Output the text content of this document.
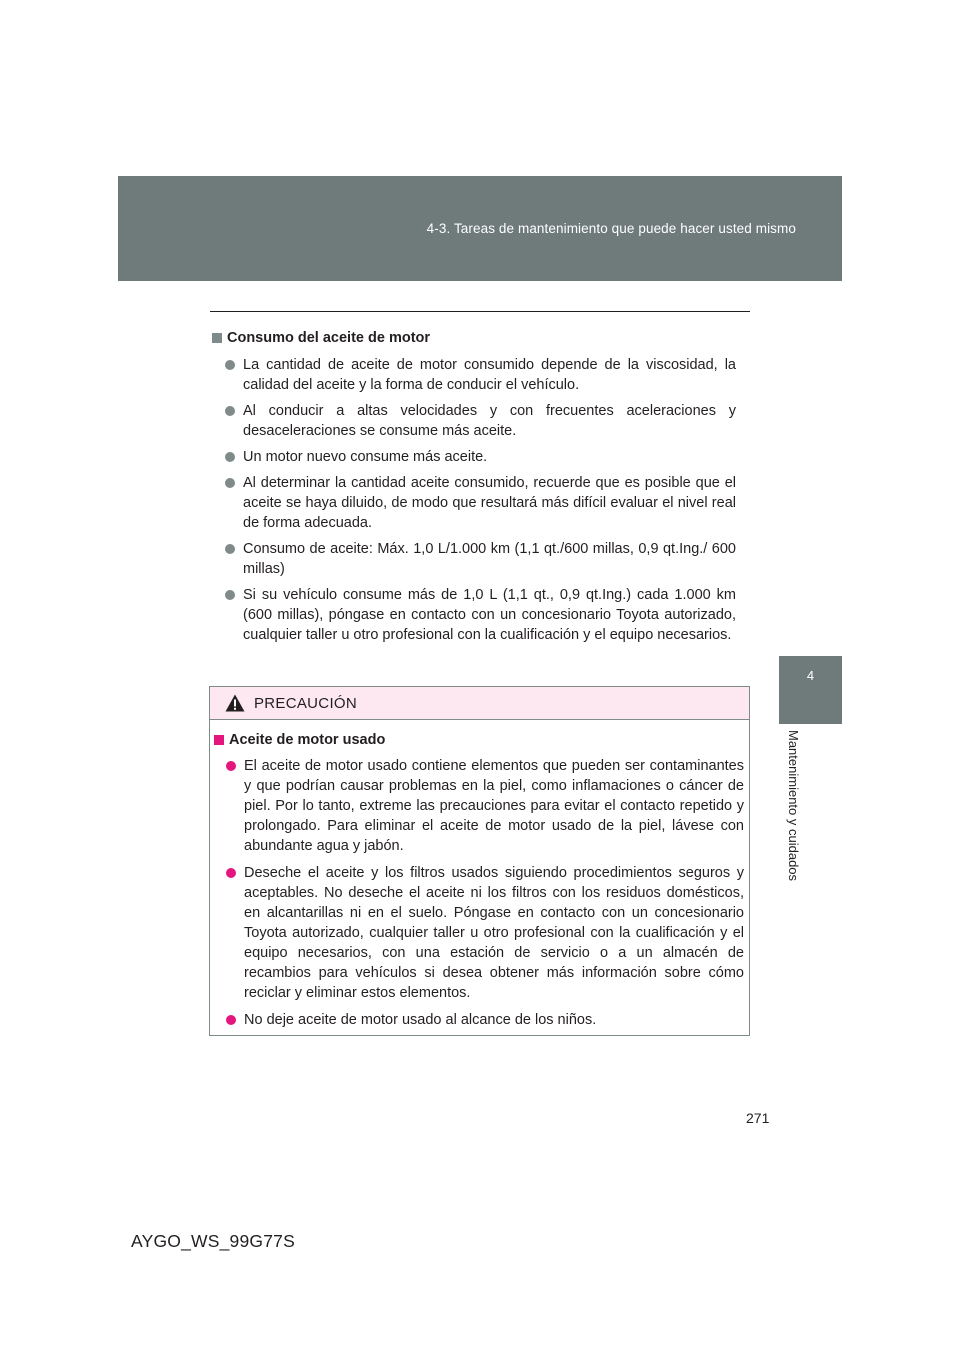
4-3. Tareas de mantenimiento que puede hacer usted mismo
4
Mantenimiento y cuidados
Consumo del aceite de motor
La cantidad de aceite de motor consumido depende de la viscosidad, la calidad del aceite y la forma de conducir el vehículo.
Al conducir a altas velocidades y con frecuentes aceleraciones y desaceleraciones se consume más aceite.
Un motor nuevo consume más aceite.
Al determinar la cantidad aceite consumido, recuerde que es posible que el aceite se haya diluido, de modo que resultará más difícil evaluar el nivel real de forma adecuada.
Consumo de aceite: Máx. 1,0 L/1.000 km (1,1 qt./600 millas, 0,9 qt.Ing./ 600 millas)
Si su vehículo consume más de 1,0 L (1,1 qt., 0,9 qt.Ing.) cada 1.000 km (600 millas), póngase en contacto con un concesionario Toyota autorizado, cualquier taller u otro profesional con la cualificación y el equipo necesarios.
PRECAUCIÓN
Aceite de motor usado
El aceite de motor usado contiene elementos que pueden ser contaminantes y que podrían causar problemas en la piel, como inflamaciones o cáncer de piel. Por lo tanto, extreme las precauciones para evitar el contacto repetido y prolongado. Para eliminar el aceite de motor usado de la piel, lávese con abundante agua y jabón.
Deseche el aceite y los filtros usados siguiendo procedimientos seguros y aceptables. No deseche el aceite ni los filtros con los residuos domésticos, en alcantarillas ni en el suelo. Póngase en contacto con un concesionario Toyota autorizado, cualquier taller u otro profesional con la cualificación y el equipo necesarios, con una estación de servicio o a un almacén de recambios para vehículos si desea obtener más información sobre cómo reciclar y eliminar estos elementos.
No deje aceite de motor usado al alcance de los niños.
271
AYGO_WS_99G77S
